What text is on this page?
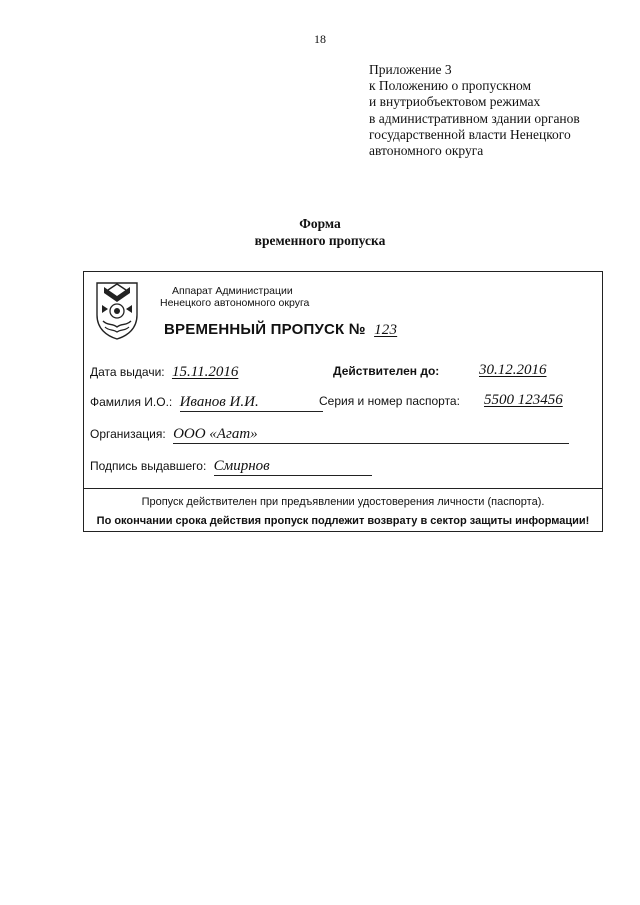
18
Приложение 3
к Положению о пропускном
и внутриобъектовом режимах
в административном здании органов
государственной власти Ненецкого
автономного округа
Форма
временного пропуска
Аппарат Администрации
Ненецкого автономного округа
ВРЕМЕННЫЙ ПРОПУСК № 123
Дата выдачи: 15.11.2016	Действителен до:	30.12.2016
Фамилия И.О.: Иванов И.И.	Серия и номер паспорта: 5500 123456
Организация: ООО «Агат»
Подпись выдавшего: Смирнов
Пропуск действителен при предъявлении удостоверения личности (паспорта).
По окончании срока действия пропуск подлежит возврату в сектор защиты информации!
